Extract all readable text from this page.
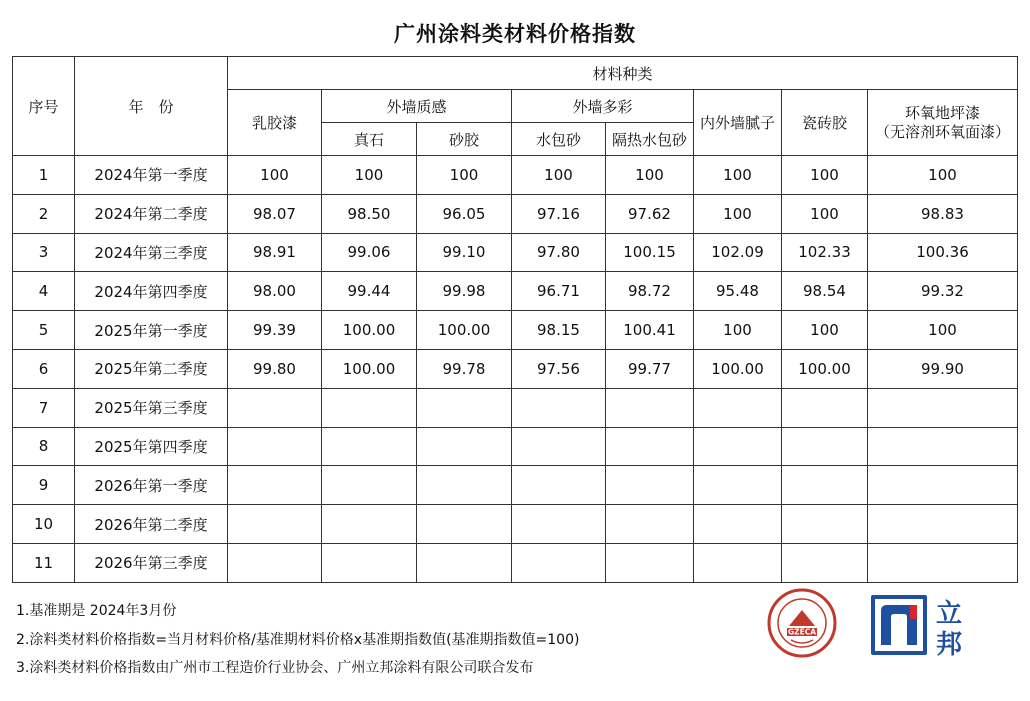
广州涂料类材料价格指数
序号	年　份	材料种类							
		乳胶漆	外墙质感		外墙多彩		内外墙腻子	瓷砖胶	环氧地坪漆
（无溶剂环氧面漆）

			真石	砂胶	水包砂	隔热水包砂			
1	2024年第一季度	100	100	100	100	100	100	100	100
2	2024年第二季度	98.07	98.50	96.05	97.16	97.62	100	100	98.83
3	2024年第三季度	98.91	99.06	99.10	97.80	100.15	102.09	102.33	100.36
4	2024年第四季度	98.00	99.44	99.98	96.71	98.72	95.48	98.54	99.32
5	2025年第一季度	99.39	100.00	100.00	98.15	100.41	100	100	100
6	2025年第二季度	99.80	100.00	99.78	97.56	99.77	100.00	100.00	99.90
7	2025年第三季度								
8	2025年第四季度								
9	2026年第一季度								
10	2026年第二季度								
11	2026年第三季度								
1.基准期是 2024年3月份
2.涂料类材料价格指数=当月材料价格/基准期材料价格x基准期指数值(基准期指数值=100)
3.涂料类材料价格指数由广州市工程造价行业协会、广州立邦涂料有限公司联合发布
GZECA
立
邦
